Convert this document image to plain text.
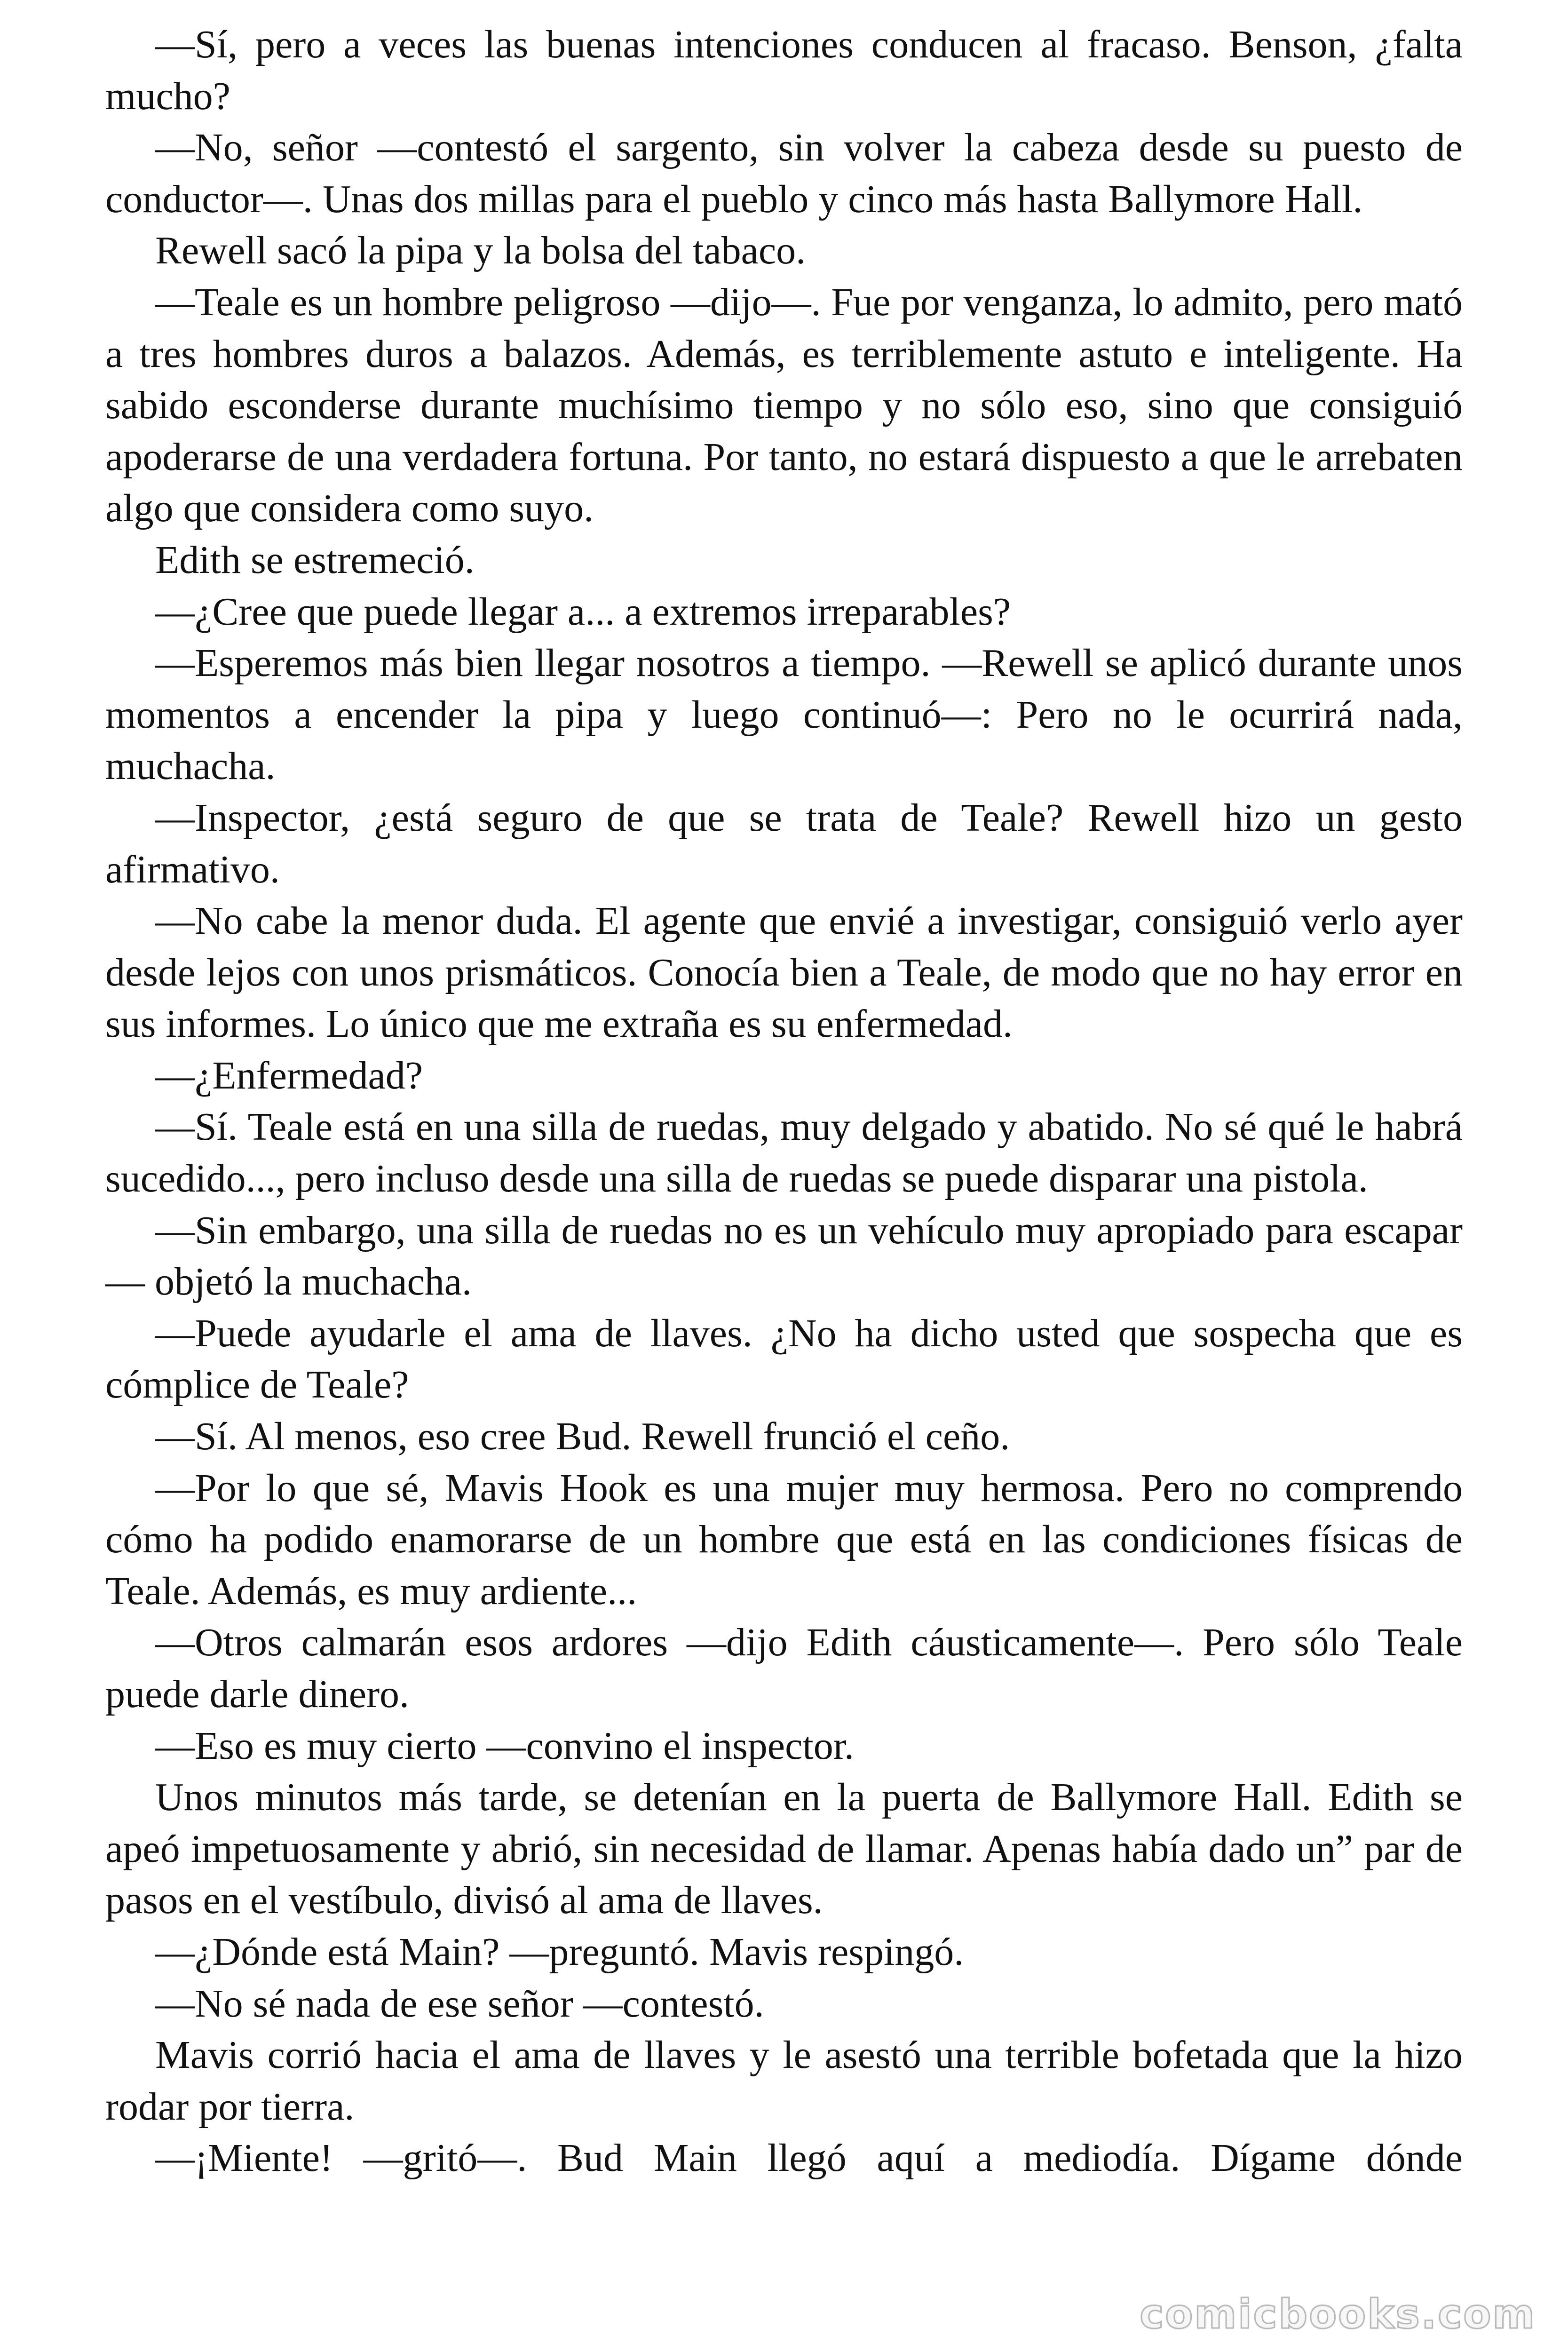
—Sí, pero a veces las buenas intenciones conducen al fracaso. Benson, ¿falta mucho?

—No, señor —contestó el sargento, sin volver la cabeza desde su puesto de conductor—. Unas dos millas para el pueblo y cinco más hasta Ballymore Hall.

Rewell sacó la pipa y la bolsa del tabaco.

—Teale es un hombre peligroso —dijo—. Fue por venganza, lo admito, pero mató a tres hombres duros a balazos. Además, es terriblemente astuto e inteligente. Ha sabido esconderse durante muchísimo tiempo y no sólo eso, sino que consiguió apoderarse de una verdadera fortuna. Por tanto, no estará dispuesto a que le arrebaten algo que considera como suyo.

Edith se estremeció.

—¿Cree que puede llegar a... a extremos irreparables?

—Esperemos más bien llegar nosotros a tiempo. —Rewell se aplicó durante unos momentos a encender la pipa y luego continuó—: Pero no le ocurrirá nada, muchacha.

—Inspector, ¿está seguro de que se trata de Teale? Rewell hizo un gesto afirmativo.

—No cabe la menor duda. El agente que envié a investigar, consiguió verlo ayer desde lejos con unos prismáticos. Conocía bien a Teale, de modo que no hay error en sus informes. Lo único que me extraña es su enfermedad.

—¿Enfermedad?

—Sí. Teale está en una silla de ruedas, muy delgado y abatido. No sé qué le habrá sucedido..., pero incluso desde una silla de ruedas se puede disparar una pistola.

—Sin embargo, una silla de ruedas no es un vehículo muy apropiado para escapar — objetó la muchacha.

—Puede ayudarle el ama de llaves. ¿No ha dicho usted que sospecha que es cómplice de Teale?

—Sí. Al menos, eso cree Bud. Rewell frunció el ceño.

—Por lo que sé, Mavis Hook es una mujer muy hermosa. Pero no comprendo cómo ha podido enamorarse de un hombre que está en las condiciones físicas de Teale. Además, es muy ardiente...

—Otros calmarán esos ardores —dijo Edith cáusticamente—. Pero sólo Teale puede darle dinero.

—Eso es muy cierto —convino el inspector.

Unos minutos más tarde, se detenían en la puerta de Ballymore Hall. Edith se apeó impetuosamente y abrió, sin necesidad de llamar. Apenas había dado un” par de pasos en el vestíbulo, divisó al ama de llaves.

—¿Dónde está Main? —preguntó. Mavis respingó.

—No sé nada de ese señor —contestó.

Mavis corrió hacia el ama de llaves y le asestó una terrible bofetada que la hizo rodar por tierra.

—¡Miente! —gritó—. Bud Main llegó aquí a mediodía. Dígame dónde

comicbooks.com
